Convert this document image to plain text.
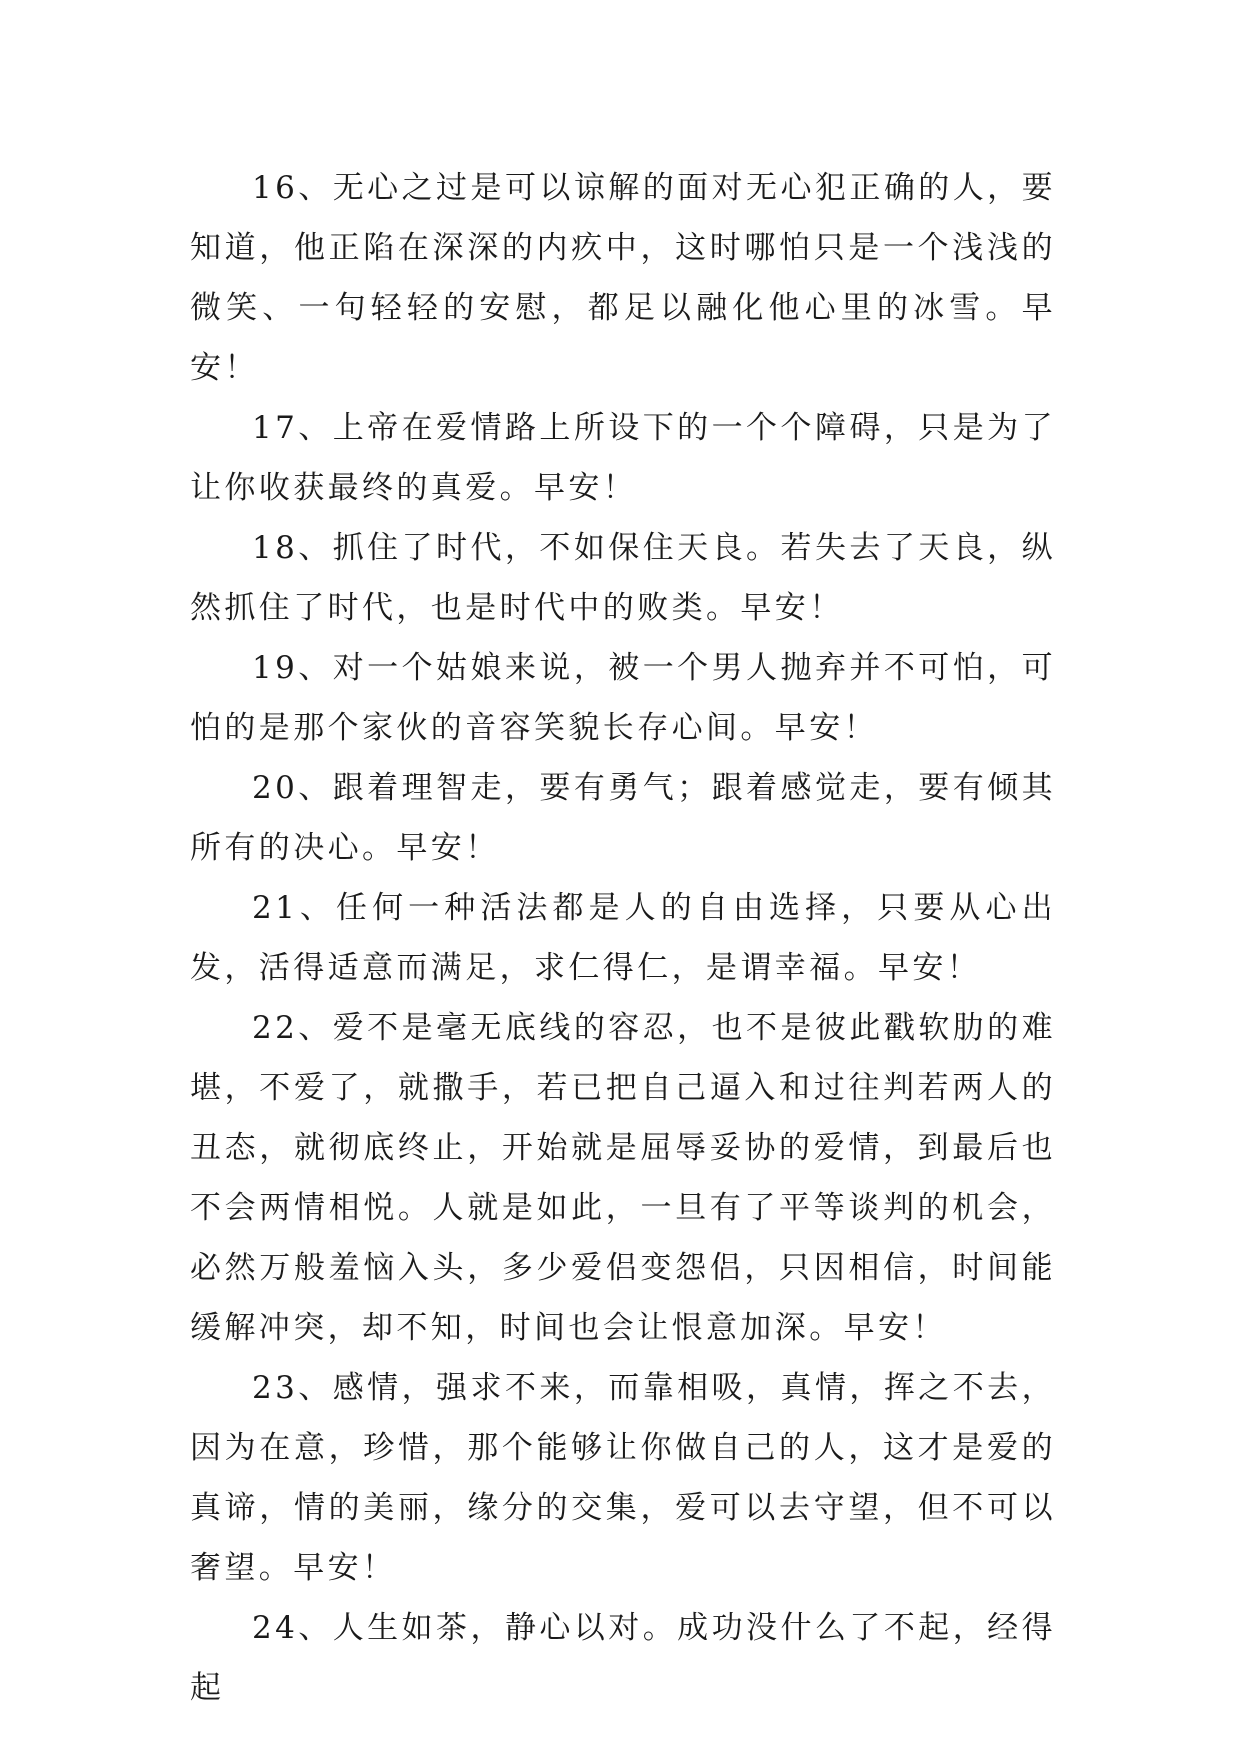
16、无心之过是可以谅解的面对无心犯正确的人，要知道，他正陷在深深的内疚中，这时哪怕只是一个浅浅的微笑、一句轻轻的安慰，都足以融化他心里的冰雪。早安！

17、上帝在爱情路上所设下的一个个障碍，只是为了让你收获最终的真爱。早安！

18、抓住了时代，不如保住天良。若失去了天良，纵然抓住了时代，也是时代中的败类。早安！

19、对一个姑娘来说，被一个男人抛弃并不可怕，可怕的是那个家伙的音容笑貌长存心间。早安！

20、跟着理智走，要有勇气；跟着感觉走，要有倾其所有的决心。早安！

21、任何一种活法都是人的自由选择，只要从心出发，活得适意而满足，求仁得仁，是谓幸福。早安！

22、爱不是毫无底线的容忍，也不是彼此戳软肋的难堪，不爱了，就撒手，若已把自己逼入和过往判若两人的丑态，就彻底终止，开始就是屈辱妥协的爱情，到最后也不会两情相悦。人就是如此，一旦有了平等谈判的机会，必然万般羞恼入头，多少爱侣变怨侣，只因相信，时间能缓解冲突，却不知，时间也会让恨意加深。早安！

23、感情，强求不来，而靠相吸，真情，挥之不去，因为在意，珍惜，那个能够让你做自己的人，这才是爱的真谛，情的美丽，缘分的交集，爱可以去守望，但不可以奢望。早安！

24、人生如茶，静心以对。成功没什么了不起，经得起
